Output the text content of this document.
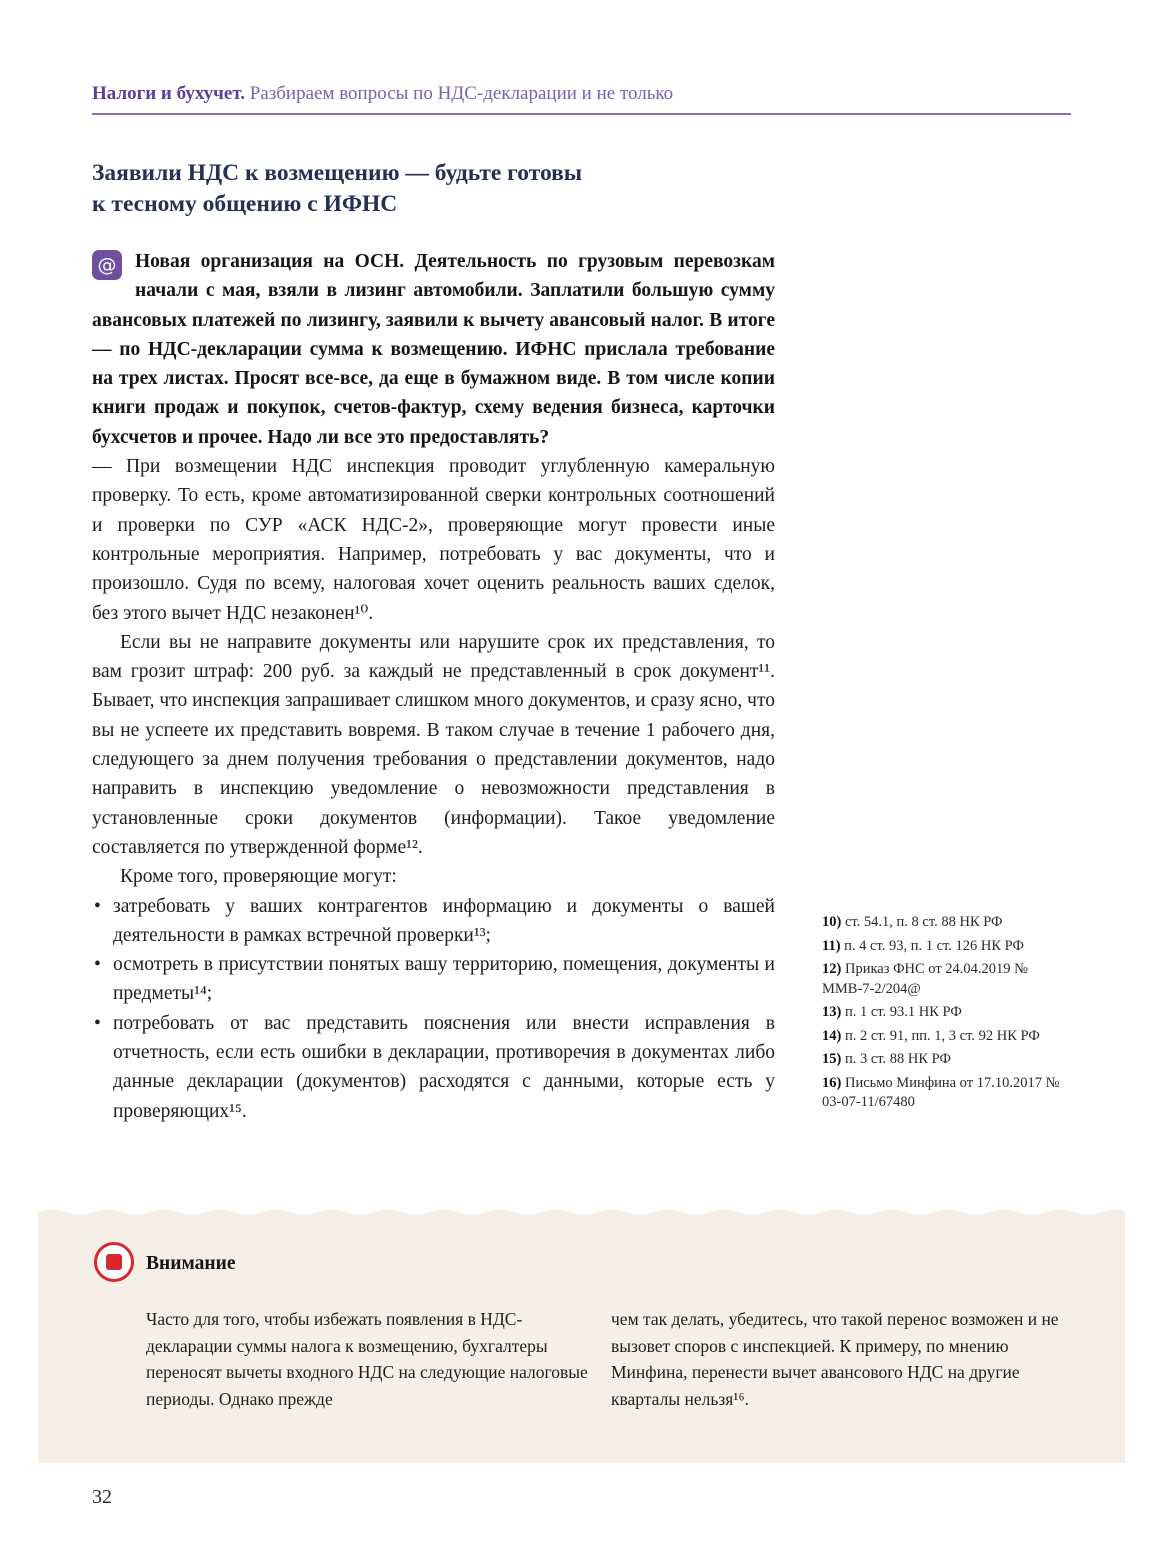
Налоги и бухучет. Разбираем вопросы по НДС-декларации и не только
Заявили НДС к возмещению — будьте готовы
к тесному общению с ИФНС

@ Новая организация на ОСН. Деятельность по грузовым перевозкам начали с мая, взяли в лизинг автомобили. Заплатили большую сумму авансовых платежей по лизингу, заявили к вычету авансовый налог. В итоге — по НДС-декларации сумма к возмещению. ИФНС прислала требование на трех листах. Просят все-все, да еще в бумажном виде. В том числе копии книги продаж и покупок, счетов-фактур, схему ведения бизнеса, карточки бухсчетов и прочее. Надо ли все это предоставлять?

— При возмещении НДС инспекция проводит углубленную камеральную проверку. То есть, кроме автоматизированной сверки контрольных соотношений и проверки по СУР «АСК НДС-2», проверяющие могут провести иные контрольные мероприятия. Например, потребовать у вас документы, что и произошло. Судя по всему, налоговая хочет оценить реальность ваших сделок, без этого вычет НДС незаконен¹⁰.

Если вы не направите документы или нарушите срок их представления, то вам грозит штраф: 200 руб. за каждый не представленный в срок документ¹¹. Бывает, что инспекция запрашивает слишком много документов, и сразу ясно, что вы не успеете их представить вовремя. В таком случае в течение 1 рабочего дня, следующего за днем получения требования о представлении документов, надо направить в инспекцию уведомление о невозможности представления в установленные сроки документов (информации). Такое уведомление составляется по утвержденной форме¹².

Кроме того, проверяющие могут:

• затребовать у ваших контрагентов информацию и документы о вашей деятельности в рамках встречной проверки¹³;
• осмотреть в присутствии понятых вашу территорию, помещения, документы и предметы¹⁴;
• потребовать от вас представить пояснения или внести исправления в отчетность, если есть ошибки в декларации, противоречия в документах либо данные декларации (документов) расходятся с данными, которые есть у проверяющих¹⁵.

10) ст. 54.1, п. 8 ст. 88 НК РФ

11) п. 4 ст. 93, п. 1 ст. 126 НК РФ

12) Приказ ФНС от 24.04.2019 № ММВ-7-2/204@

13) п. 1 ст. 93.1 НК РФ

14) п. 2 ст. 91, пп. 1, 3 ст. 92 НК РФ

15) п. 3 ст. 88 НК РФ

16) Письмо Минфина от 17.10.2017 № 03-07-11/67480

Внимание

Часто для того, чтобы избежать появления в НДС-декларации суммы налога к возмещению, бухгалтеры переносят вычеты входного НДС на следующие налоговые периоды. Однако прежде

чем так делать, убедитесь, что такой перенос возможен и не вызовет споров с инспекцией. К примеру, по мнению Минфина, перенести вычет авансового НДС на другие кварталы нельзя¹⁶.

32
